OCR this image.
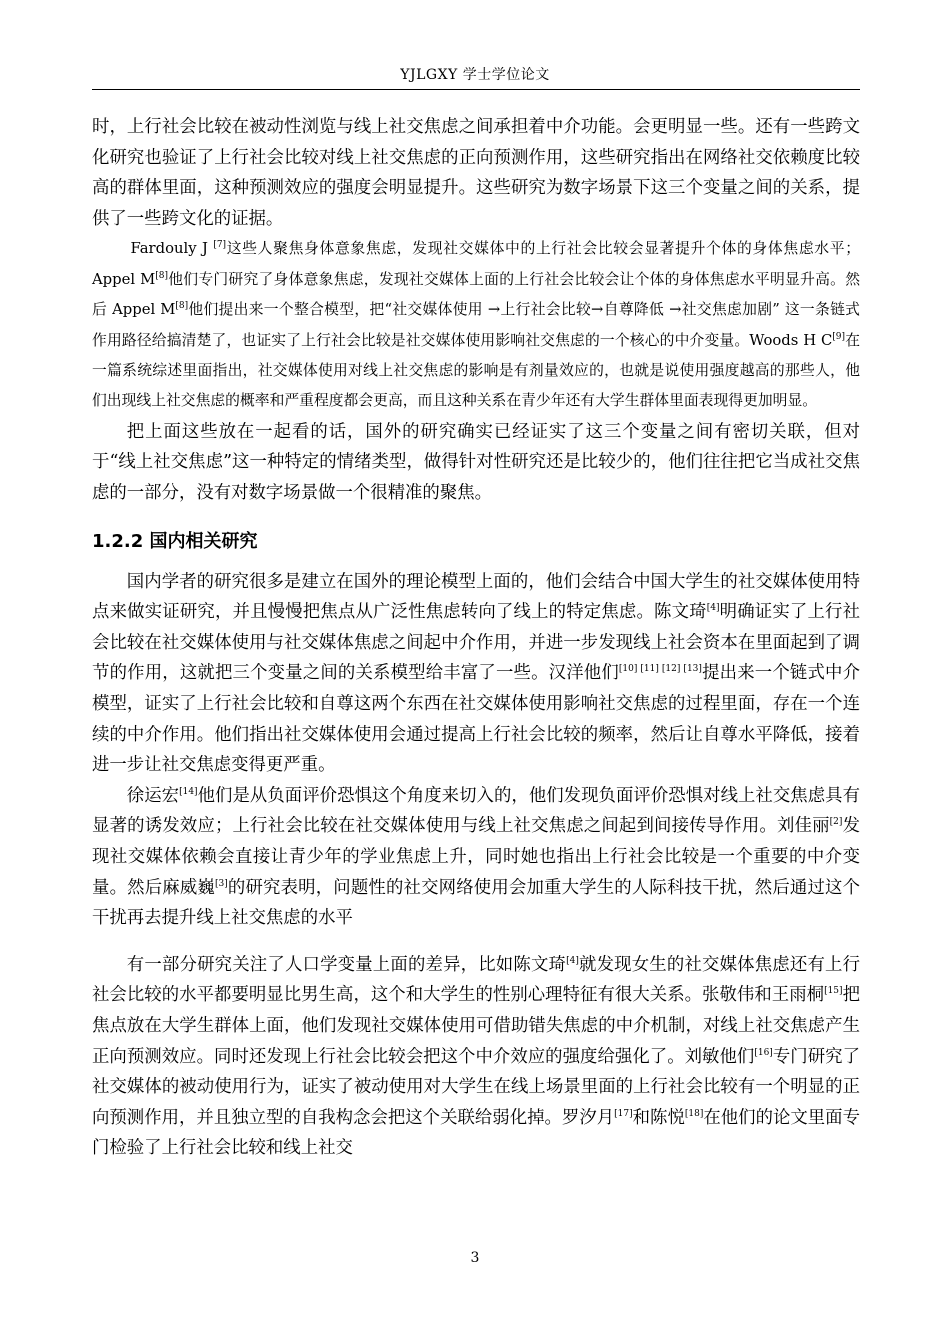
YJLGXY 学士学位论文

时，上行社会比较在被动性浏览与线上社交焦虑之间承担着中介功能。会更明显一些。还有一些跨文化研究也验证了上行社会比较对线上社交焦虑的正向预测作用，这些研究指出在网络社交依赖度比较高的群体里面，这种预测效应的强度会明显提升。这些研究为数字场景下这三个变量之间的关系，提供了一些跨文化的证据。

Fardouly J [7]这些人聚焦身体意象焦虑，发现社交媒体中的上行社会比较会显著提升个体的身体焦虑水平； Appel M[8]他们专门研究了身体意象焦虑，发现社交媒体上面的上行社会比较会让个体的身体焦虑水平明显升高。然后 Appel M[8]他们提出来一个整合模型，把“社交媒体使用 →上行社会比较→自尊降低 →社交焦虑加剧” 这一条链式作用路径给搞清楚了，也证实了上行社会比较是社交媒体使用影响社交焦虑的一个核心的中介变量。Woods H C[9]在一篇系统综述里面指出，社交媒体使用对线上社交焦虑的影响是有剂量效应的，也就是说使用强度越高的那些人，他们出现线上社交焦虑的概率和严重程度都会更高，而且这种关系在青少年还有大学生群体里面表现得更加明显。

把上面这些放在一起看的话，国外的研究确实已经证实了这三个变量之间有密切关联，但对于“线上社交焦虑”这一种特定的情绪类型，做得针对性研究还是比较少的，他们往往把它当成社交焦虑的一部分，没有对数字场景做一个很精准的聚焦。

1.2.2 国内相关研究

国内学者的研究很多是建立在国外的理论模型上面的，他们会结合中国大学生的社交媒体使用特点来做实证研究，并且慢慢把焦点从广泛性焦虑转向了线上的特定焦虑。陈文琦[4]明确证实了上行社会比较在社交媒体使用与社交媒体焦虑之间起中介作用，并进一步发现线上社会资本在里面起到了调节的作用，这就把三个变量之间的关系模型给丰富了一些。汉洋他们[10] [11] [12] [13]提出来一个链式中介模型，证实了上行社会比较和自尊这两个东西在社交媒体使用影响社交焦虑的过程里面，存在一个连续的中介作用。他们指出社交媒体使用会通过提高上行社会比较的频率，然后让自尊水平降低，接着进一步让社交焦虑变得更严重。

徐运宏[14]他们是从负面评价恐惧这个角度来切入的，他们发现负面评价恐惧对线上社交焦虑具有显著的诱发效应；上行社会比较在社交媒体使用与线上社交焦虑之间起到间接传导作用。刘佳丽[2]发现社交媒体依赖会直接让青少年的学业焦虑上升，同时她也指出上行社会比较是一个重要的中介变量。然后麻威巍[3]的研究表明，问题性的社交网络使用会加重大学生的人际科技干扰，然后通过这个干扰再去提升线上社交焦虑的水平

有一部分研究关注了人口学变量上面的差异，比如陈文琦[4]就发现女生的社交媒体焦虑还有上行社会比较的水平都要明显比男生高，这个和大学生的性别心理特征有很大关系。张敬伟和王雨桐[15]把焦点放在大学生群体上面，他们发现社交媒体使用可借助错失焦虑的中介机制，对线上社交焦虑产生正向预测效应。同时还发现上行社会比较会把这个中介效应的强度给强化了。刘敏他们[16]专门研究了社交媒体的被动使用行为，证实了被动使用对大学生在线上场景里面的上行社会比较有一个明显的正向预测作用，并且独立型的自我构念会把这个关联给弱化掉。罗汐月[17]和陈悦[18]在他们的论文里面专门检验了上行社会比较和线上社交

3
